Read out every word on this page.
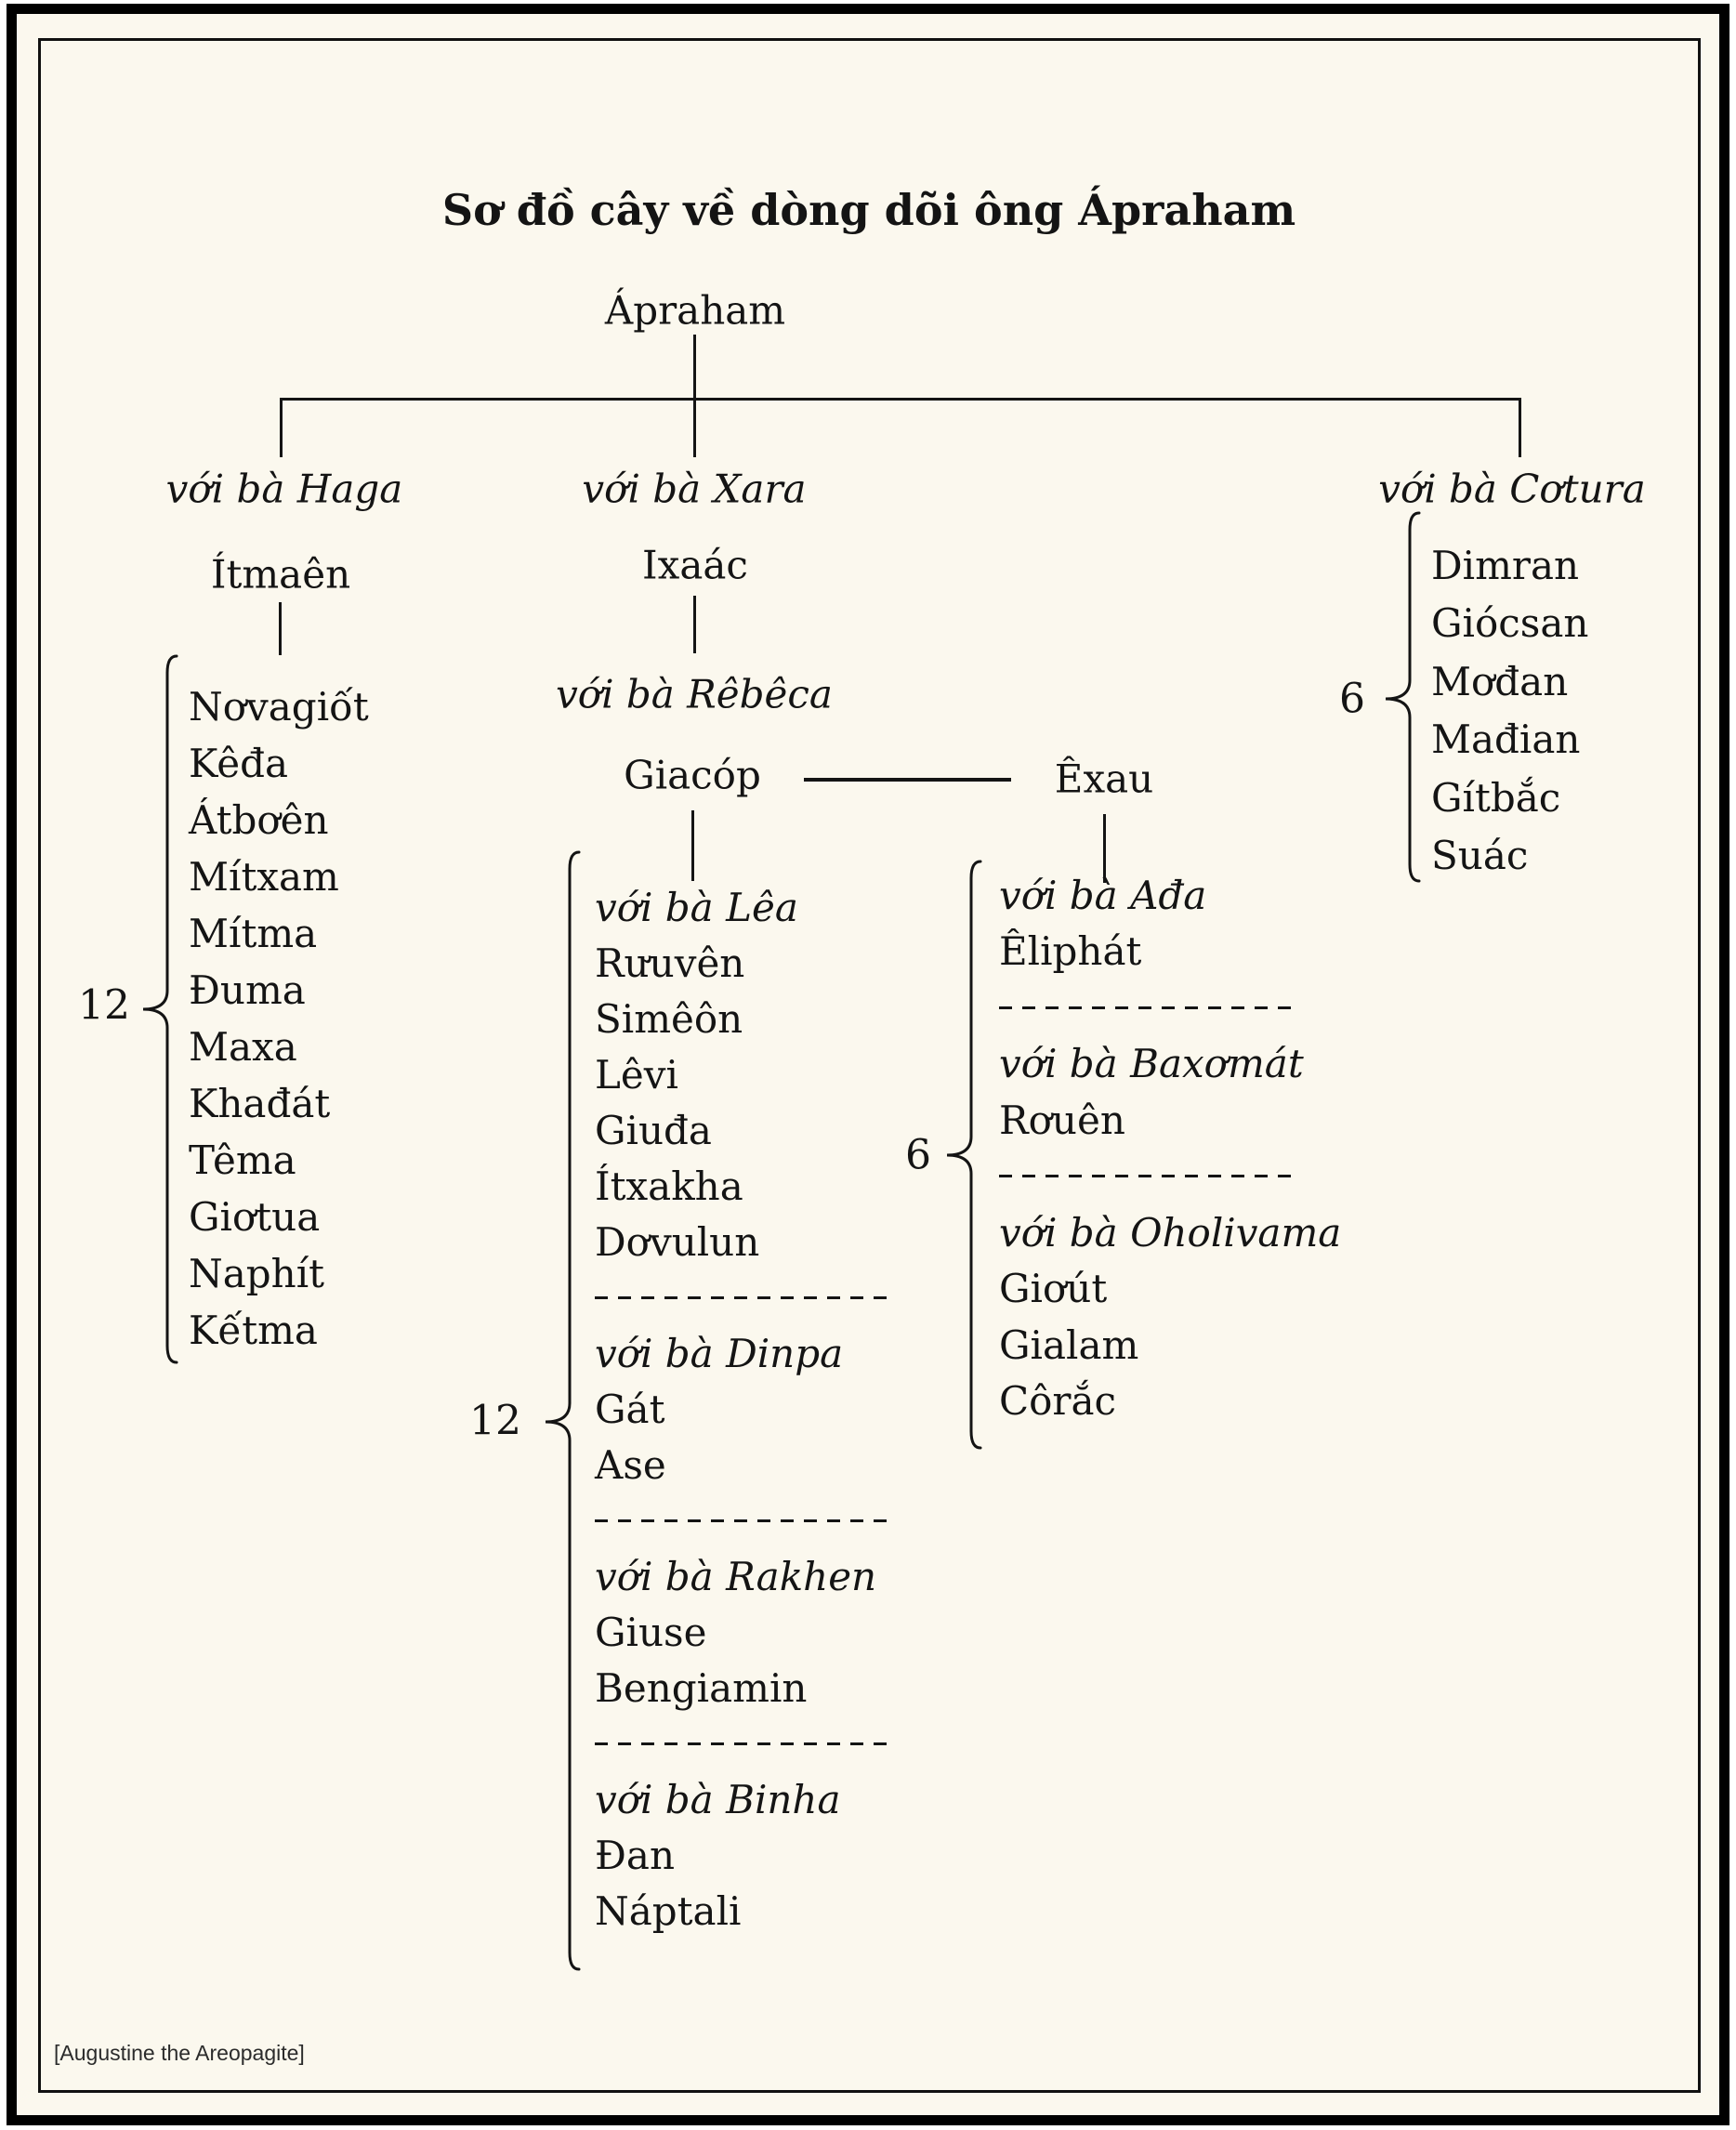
Sơ đồ cây về dòng dõi ông Ápraham
Ápraham
với bà Haga	với bà Xara	với bà Cơtura
Ítmaên	Ixaác
với bà Rêbêca
Giacóp	Êxau
12
12
6
6
Nơvagiốt
Kêđa
Átbơên
Mítxam
Mítma
Đuma
Maxa
Khađát
Têma
Giơtua
Naphít
Kếtma
với bà Lêa
Rưuvên
Simêôn
Lêvi
Giuđa
Ítxakha
Dơvulun
với bà Dinpa
Gát
Ase
với bà Rakhen
Giuse
Bengiamin
với bà Binha
Đan
Náptali
với bà Ađa
Êliphát
với bà Baxơmát
Rơuên
với bà Oholivama
Giơút
Gialam
Côrắc
Dimran
Giócsan
Mơđan
Mađian
Gítbắc
Suác
[Augustine the Areopagite]
